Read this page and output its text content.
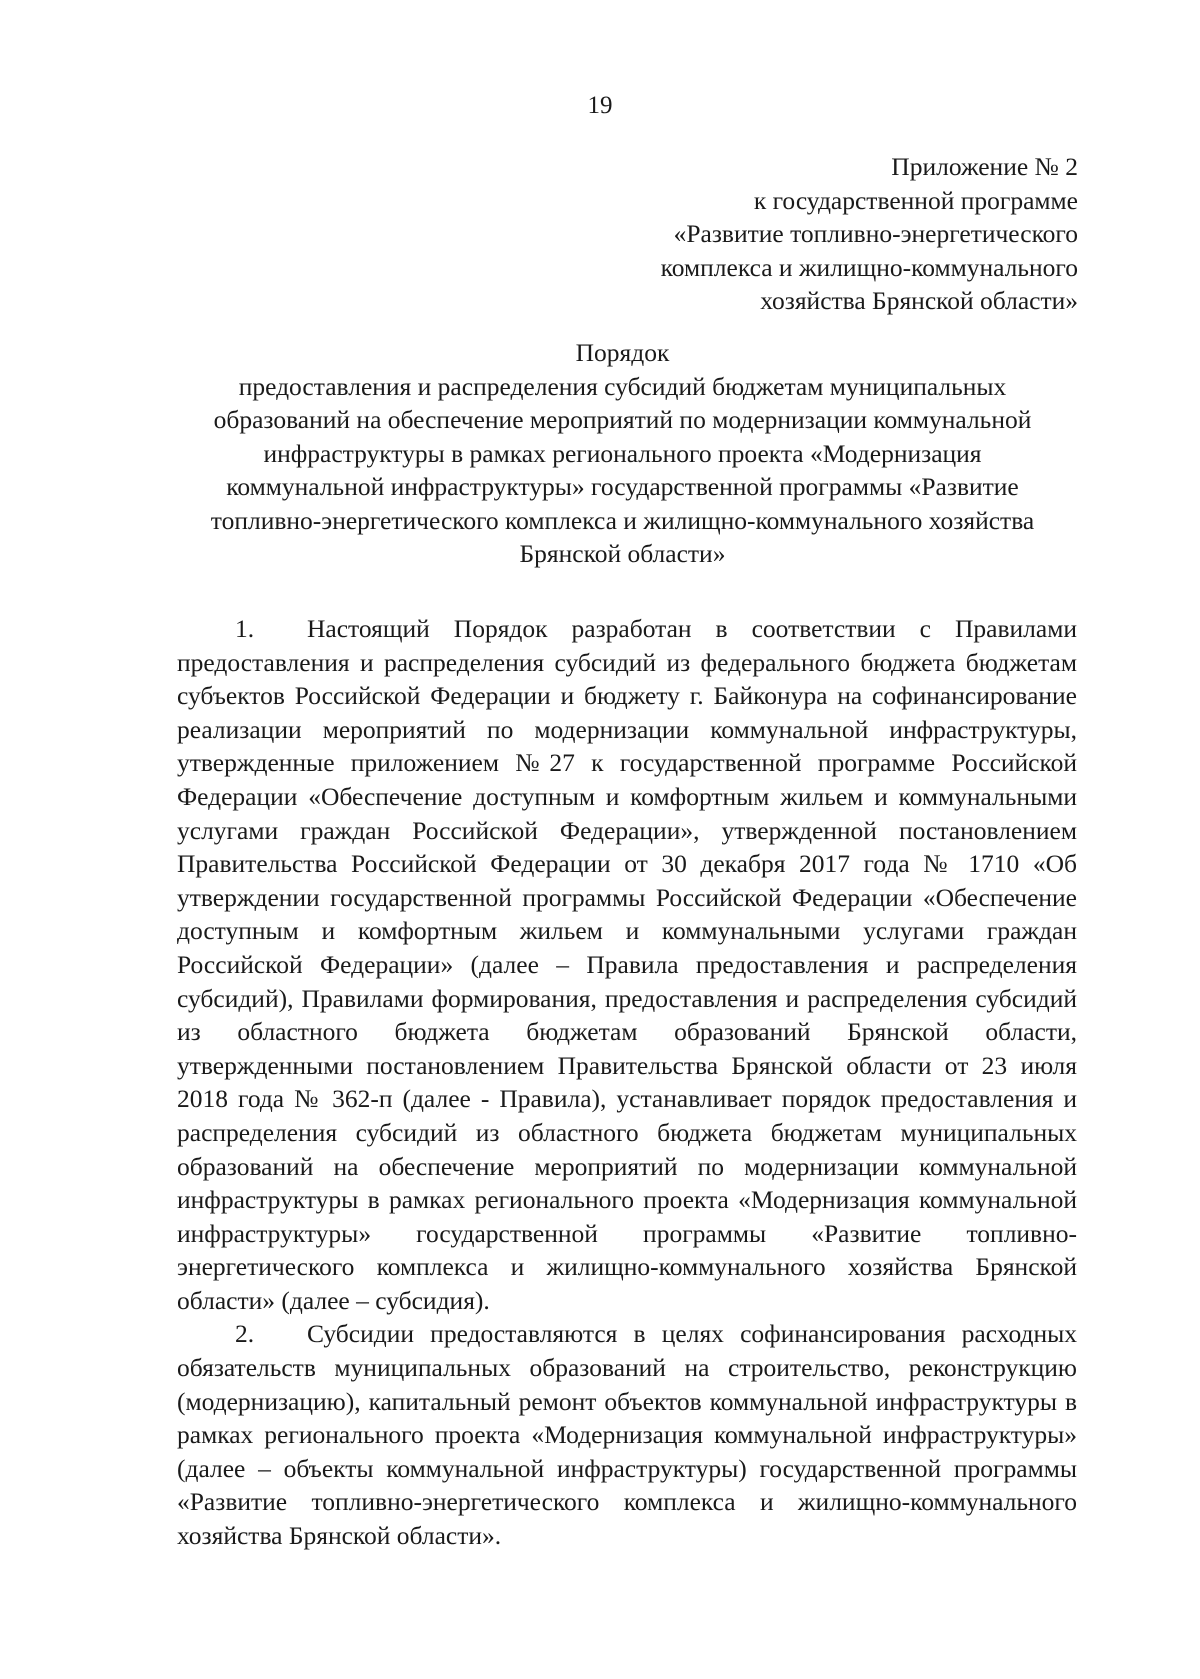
19
Приложение № 2
к государственной программе
«Развитие топливно-энергетического
комплекса и жилищно-коммунального
хозяйства Брянской области»
Порядок
предоставления и распределения субсидий бюджетам муниципальных
образований на обеспечение мероприятий по модернизации коммунальной
инфраструктуры в рамках регионального проекта «Модернизация
коммунальной инфраструктуры» государственной программы «Развитие
топливно-энергетического комплекса и жилищно-коммунального хозяйства
Брянской области»

1. Настоящий Порядок разработан в соответствии с Правилами предоставления и распределения субсидий из федерального бюджета бюджетам субъектов Российской Федерации и бюджету г. Байконура на софинансирование реализации мероприятий по модернизации коммунальной инфраструктуры, утвержденные приложением №27 к государственной программе Российской Федерации «Обеспечение доступным и комфортным жильем и коммунальными услугами граждан Российской Федерации», утвержденной постановлением Правительства Российской Федерации от 30 декабря 2017 года № 1710 «Об утверждении государственной программы Российской Федерации «Обеспечение доступным и комфортным жильем и коммунальными услугами граждан Российской Федерации» (далее – Правила предоставления и распределения субсидий), Правилами формирования, предоставления и распределения субсидий из областного бюджета бюджетам образований Брянской области, утвержденными постановлением Правительства Брянской области от 23 июля 2018 года № 362-п (далее - Правила), устанавливает порядок предоставления и распределения субсидий из областного бюджета бюджетам муниципальных образований на обеспечение мероприятий по модернизации коммунальной инфраструктуры в рамках регионального проекта «Модернизация коммунальной инфраструктуры» государственной программы «Развитие топливно-энергетического комплекса и жилищно-коммунального хозяйства Брянской области» (далее – субсидия).

2. Субсидии предоставляются в целях софинансирования расходных обязательств муниципальных образований на строительство, реконструкцию (модернизацию), капитальный ремонт объектов коммунальной инфраструктуры в рамках регионального проекта «Модернизация коммунальной инфраструктуры» (далее – объекты коммунальной инфраструктуры) государственной программы «Развитие топливно-энергетического комплекса и жилищно-коммунального хозяйства Брянской области».
